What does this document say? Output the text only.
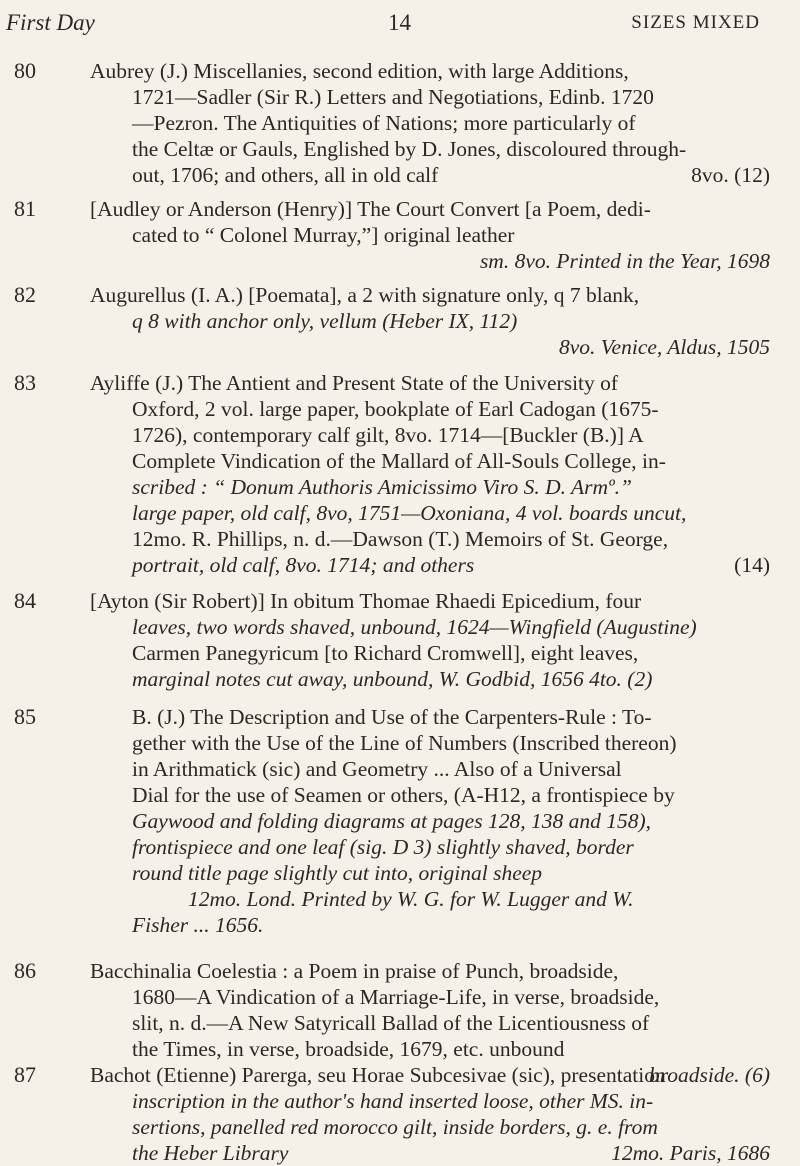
First Day	14	SIZES MIXED
80	Aubrey (J.) Miscellanies, second edition, with large Additions,
1721—Sadler (Sir R.) Letters and Negotiations, Edinb. 1720
—Pezron. The Antiquities of Nations; more particularly of
the Celtæ or Gauls, Englished by D. Jones, discoloured through-
out, 1706; and others, all in old calf	8vo. (12)
81	[Audley or Anderson (Henry)] The Court Convert [a Poem, dedi-
cated to “ Colonel Murray,”] original leather
sm. 8vo. Printed in the Year, 1698
82	Augurellus (I. A.) [Poemata], a 2 with signature only, q 7 blank,
q 8 with anchor only, vellum (Heber IX, 112)
8vo. Venice, Aldus, 1505
83	Ayliffe (J.) The Antient and Present State of the University of
Oxford, 2 vol. large paper, bookplate of Earl Cadogan (1675-
1726), contemporary calf gilt, 8vo. 1714—[Buckler (B.)] A
Complete Vindication of the Mallard of All-Souls College, in-
scribed : “ Donum Authoris Amicissimo Viro S. D. Armº.”
large paper, old calf, 8vo, 1751—Oxoniana, 4 vol. boards uncut,
12mo. R. Phillips, n. d.—Dawson (T.) Memoirs of St. George,
portrait, old calf, 8vo. 1714; and others	(14)
84	[Ayton (Sir Robert)] In obitum Thomae Rhaedi Epicedium, four
leaves, two words shaved, unbound, 1624—Wingfield (Augustine)
Carmen Panegyricum [to Richard Cromwell], eight leaves,
marginal notes cut away, unbound, W. Godbid, 1656 4to. (2)
85	B. (J.) The Description and Use of the Carpenters-Rule : To-
gether with the Use of the Line of Numbers (Inscribed thereon)
in Arithmatick (sic) and Geometry ... Also of a Universal
Dial for the use of Seamen or others, (A-H12, a frontispiece by
Gaywood and folding diagrams at pages 128, 138 and 158),
frontispiece and one leaf (sig. D 3) slightly shaved, border
round title page slightly cut into, original sheep
12mo. Lond. Printed by W. G. for W. Lugger and W.
Fisher ... 1656.
86	Bacchinalia Coelestia : a Poem in praise of Punch, broadside,
1680—A Vindication of a Marriage-Life, in verse, broadside,
slit, n. d.—A New Satyricall Ballad of the Licentiousness of
the Times, in verse, broadside, 1679, etc. unbound
broadside. (6)
87	Bachot (Etienne) Parerga, seu Horae Subcesivae (sic), presentation
inscription in the author's hand inserted loose, other MS. in-
sertions, panelled red morocco gilt, inside borders, g. e. from
the Heber Library	12mo. Paris, 1686
